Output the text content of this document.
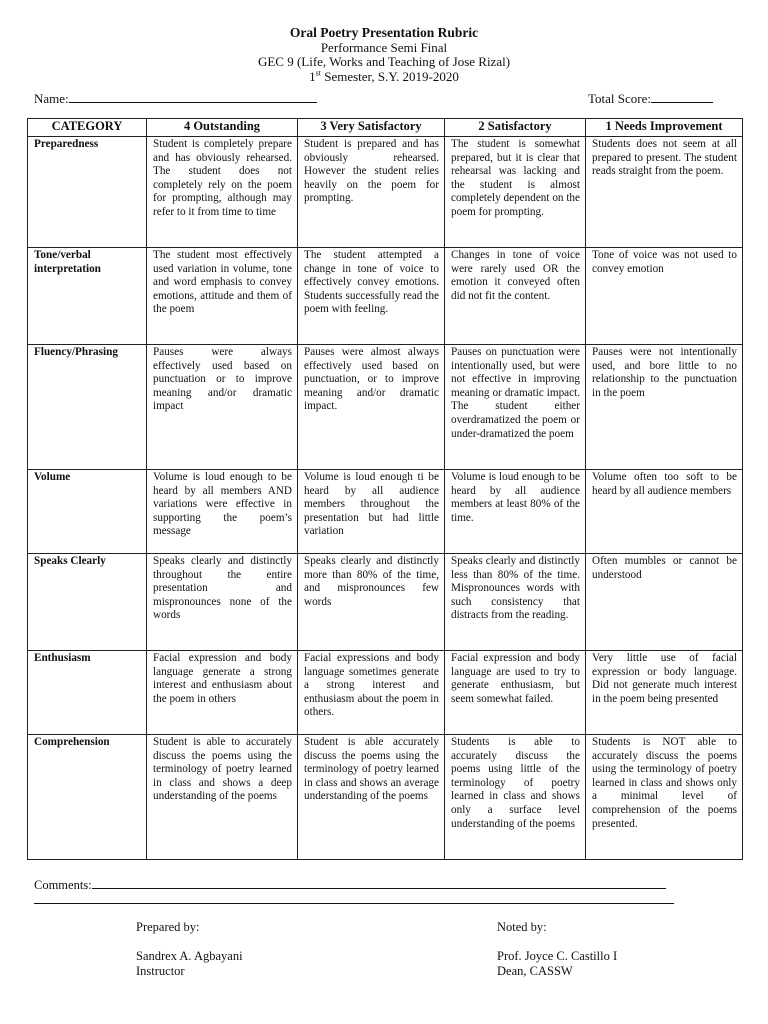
Oral Poetry Presentation Rubric
Performance Semi Final
GEC 9 (Life, Works and Teaching of Jose Rizal)
1st Semester, S.Y. 2019-2020
Name:	Total Score:
CATEGORY	4 Outstanding	3 Very Satisfactory	2 Satisfactory	1 Needs Improvement
Preparedness	Student is completely prepare and has obviously rehearsed. The student does not completely rely on the poem for prompting, although may refer to it from time to time	Student is prepared and has obviously rehearsed. However the student relies heavily on the poem for prompting.	The student is somewhat prepared, but it is clear that rehearsal was lacking and the student is almost completely dependent on the poem for prompting.	Students does not seem at all prepared to present. The student reads straight from the poem.
Tone/verbal interpretation	The student most effectively used variation in volume, tone and word emphasis to convey emotions, attitude and them of the poem	The student attempted a change in tone of voice to effectively convey emotions. Students successfully read the poem with feeling.	Changes in tone of voice were rarely used OR the emotion it conveyed often did not fit the content.	Tone of voice was not used to convey emotion
Fluency/Phrasing	Pauses were always effectively used based on punctuation or to improve meaning and/or dramatic impact	Pauses were almost always effectively used based on punctuation, or to improve meaning and/or dramatic impact.	Pauses on punctuation were intentionally used, but were not effective in improving meaning or dramatic impact. The student either overdramatized the poem or under-dramatized the poem	Pauses were not intentionally used, and bore little to no relationship to the punctuation in the poem
Volume	Volume is loud enough to be heard by all members AND variations were effective in supporting the poem’s message	Volume is loud enough ti be heard by all audience members throughout the presentation but had little variation	Volume is loud enough to be heard by all audience members at least 80% of the time.	Volume often too soft to be heard by all audience members
Speaks Clearly	Speaks clearly and distinctly throughout the entire presentation and mispronounces none of the words	Speaks clearly and distinctly more than 80% of the time, and mispronounces few words	Speaks clearly and distinctly less than 80% of the time. Mispronounces words with such consistency that distracts from the reading.	Often mumbles or cannot be understood
Enthusiasm	Facial expression and body language generate a strong interest and enthusiasm about the poem in others	Facial expressions and body language sometimes generate a strong interest and enthusiasm about the poem in others.	Facial expression and body language are used to try to generate enthusiasm, but seem somewhat failed.	Very little use of facial expression or body language. Did not generate much interest in the poem being presented
Comprehension	Student is able to accurately discuss the poems using the terminology of poetry learned in class and shows a deep understanding of the poems	Student is able accurately discuss the poems using the terminology of poetry learned in class and shows an average understanding of the poems	Students is able to accurately discuss the poems using little of the terminology of poetry learned in class and shows only a surface level understanding of the poems	Students is NOT able to accurately discuss the poems using the terminology of poetry learned in class and shows only a minimal level of comprehension of the poems presented.
Comments:
Prepared by:
Sandrex A. Agbayani
Instructor
Noted by:
Prof. Joyce C. Castillo I
Dean, CASSW
